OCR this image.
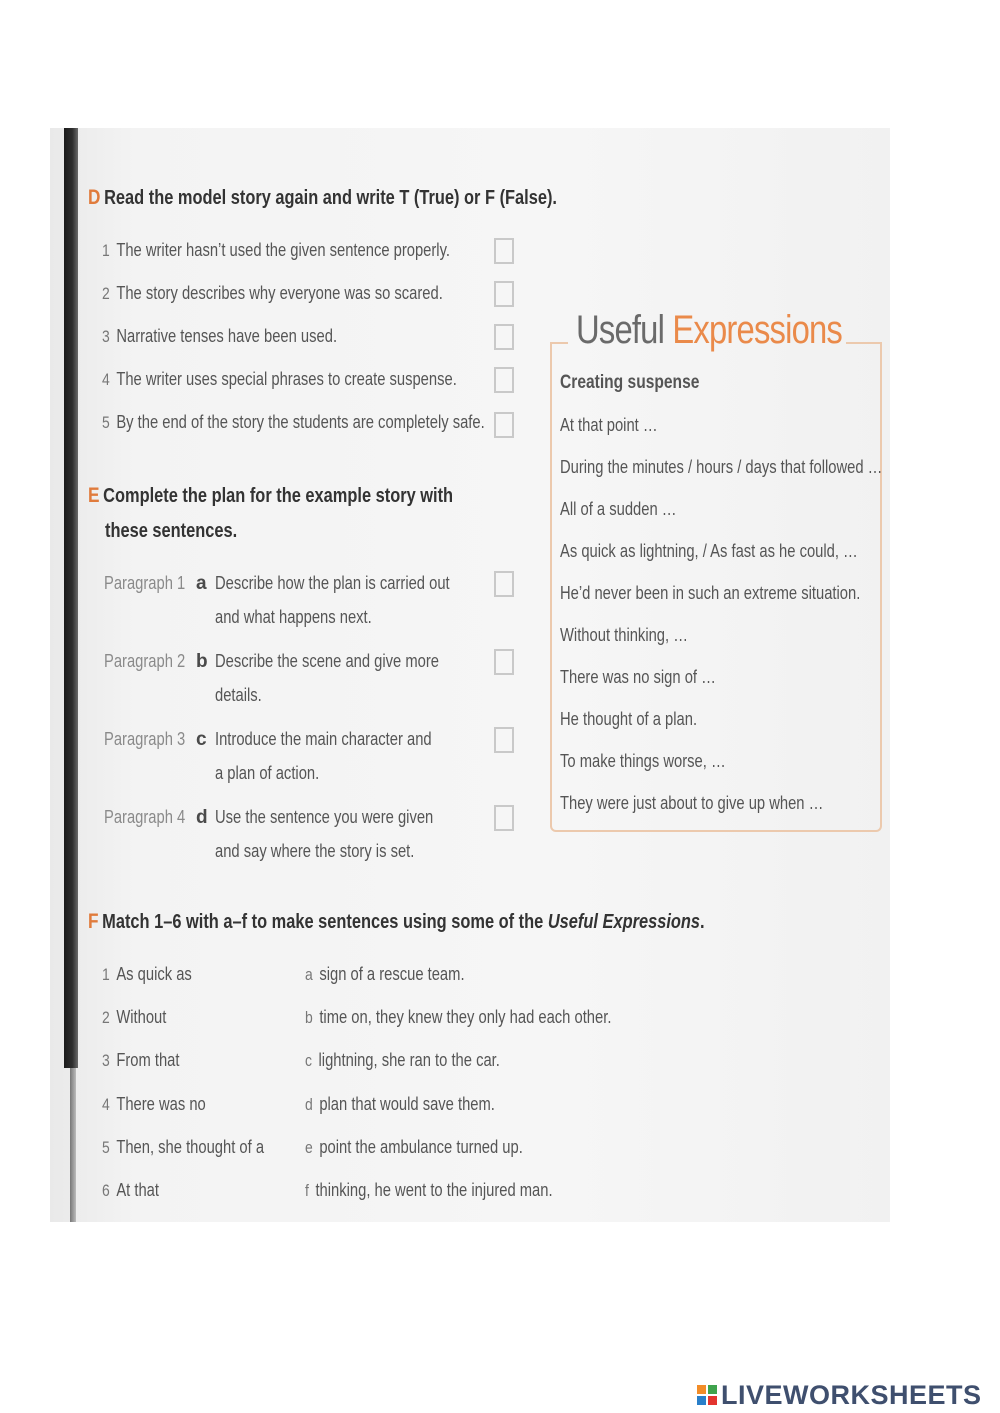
D Read the model story again and write T (True) or F (False).
1 The writer hasn’t used the given sentence properly.
2 The story describes why everyone was so scared.
3 Narrative tenses have been used.
4 The writer uses special phrases to create suspense.
5 By the end of the story the students are completely safe.
E Complete the plan for the example story with
these sentences.
Paragraph 1 a Describe how the plan is carried out
and what happens next.
Paragraph 2 b Describe the scene and give more
details.
Paragraph 3 c Introduce the main character and
a plan of action.
Paragraph 4 d Use the sentence you were given
and say where the story is set.
Useful Expressions
Creating suspense
At that point …
During the minutes / hours / days that followed …
All of a sudden …
As quick as lightning, / As fast as he could, …
He’d never been in such an extreme situation.
Without thinking, …
There was no sign of …
He thought of a plan.
To make things worse, …
They were just about to give up when …
F Match 1–6 with a–f to make sentences using some of the Useful Expressions.
1 As quick as
2 Without
3 From that
4 There was no
5 Then, she thought of a
6 At that
a sign of a rescue team.
b time on, they knew they only had each other.
c lightning, she ran to the car.
d plan that would save them.
e point the ambulance turned up.
f thinking, he went to the injured man.
LIVEWORKSHEETS
